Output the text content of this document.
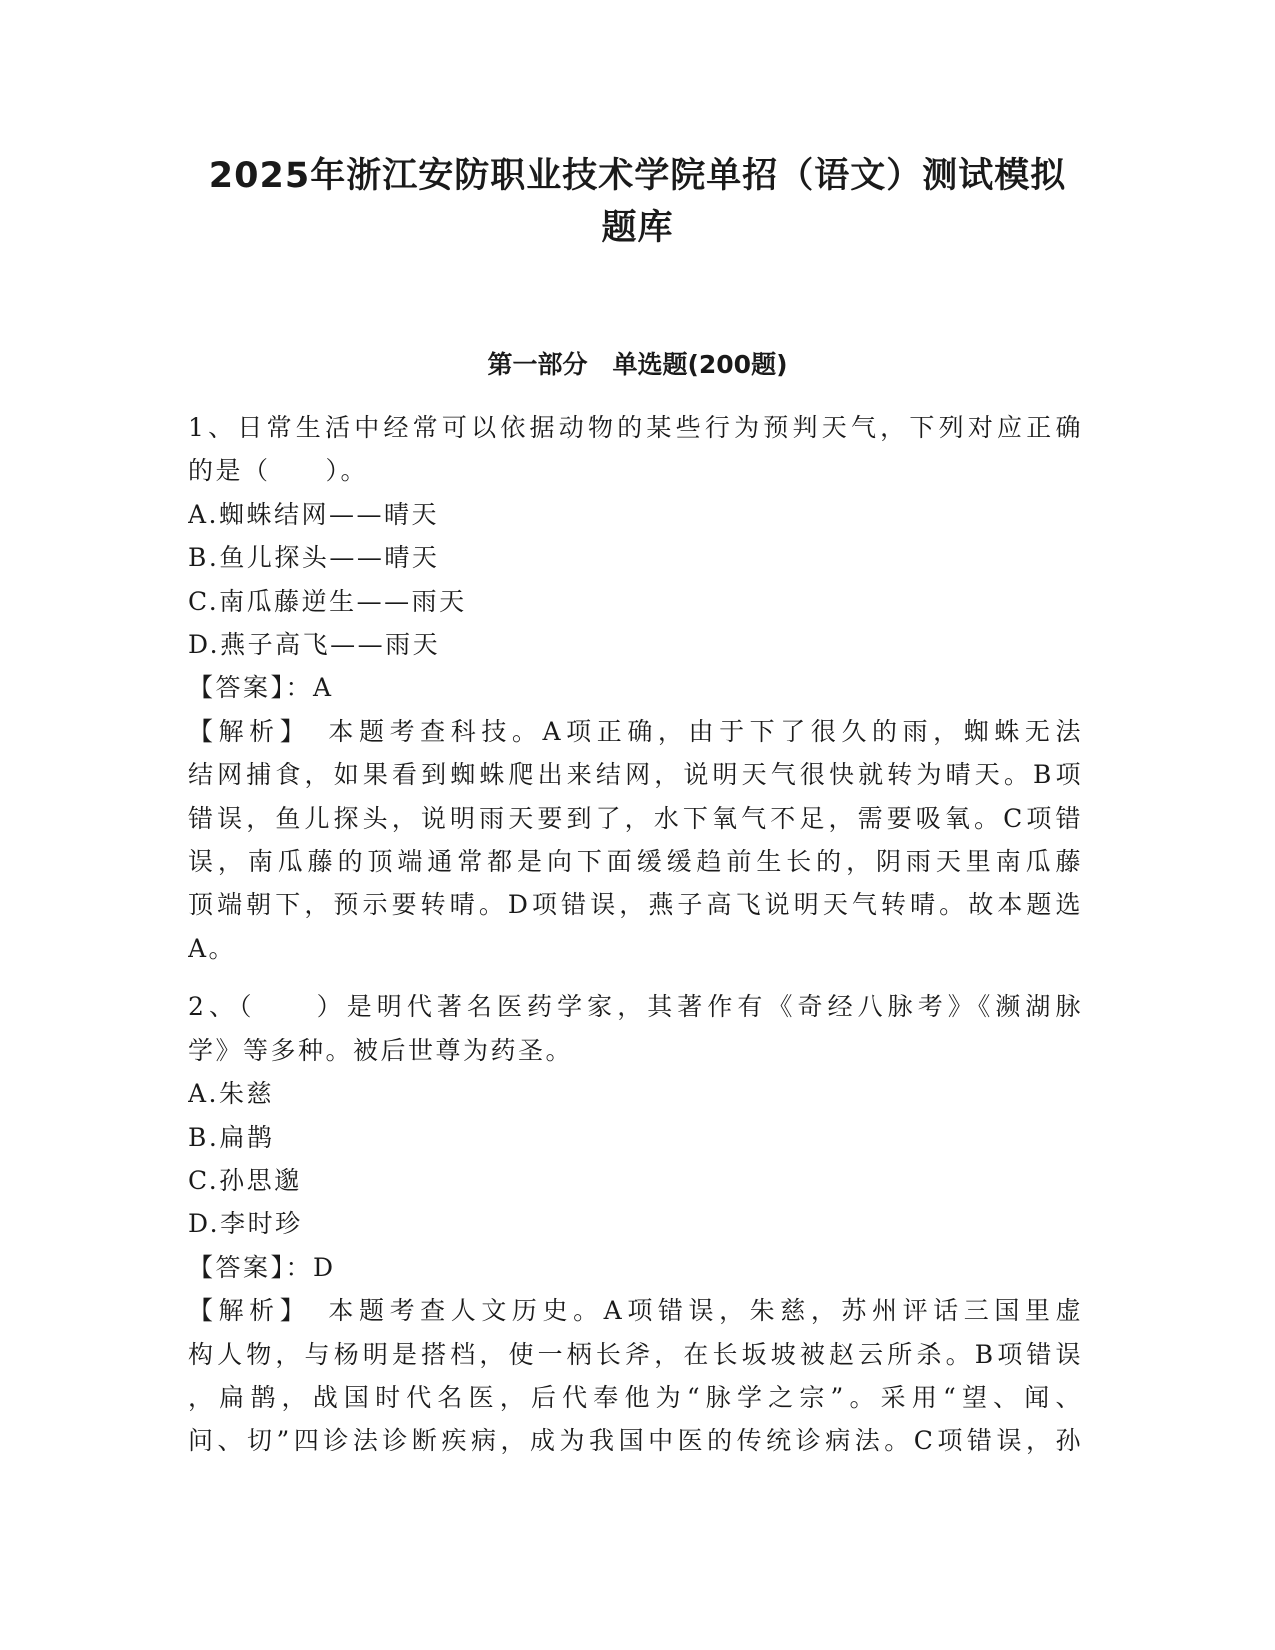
2025年浙江安防职业技术学院单招（语文）测试模拟
题库
第一部分　单选题(200题)

1、日常生活中经常可以依据动物的某些行为预判天气，下列对应正确

的是（　　）。

A.蜘蛛结网——晴天

B.鱼儿探头——晴天

C.南瓜藤逆生——雨天

D.燕子高飞——雨天

【答案】：A

【解析】　本题考查科技。A项正确，由于下了很久的雨，蜘蛛无法

结网捕食，如果看到蜘蛛爬出来结网，说明天气很快就转为晴天。B项

错误，鱼儿探头，说明雨天要到了，水下氧气不足，需要吸氧。C项错

误，南瓜藤的顶端通常都是向下面缓缓趋前生长的，阴雨天里南瓜藤

顶端朝下，预示要转晴。D项错误，燕子高飞说明天气转晴。故本题选

A。

2、（　　）是明代著名医药学家，其著作有《奇经八脉考》《濒湖脉

学》等多种。被后世尊为药圣。

A.朱慈

B.扁鹊

C.孙思邈

D.李时珍

【答案】：D

【解析】　本题考查人文历史。A项错误，朱慈，苏州评话三国里虚

构人物，与杨明是搭档，使一柄长斧，在长坂坡被赵云所杀。B项错误

，扁鹊，战国时代名医，后代奉他为“脉学之宗”。采用“望、闻、

问、切”四诊法诊断疾病，成为我国中医的传统诊病法。C项错误，孙
